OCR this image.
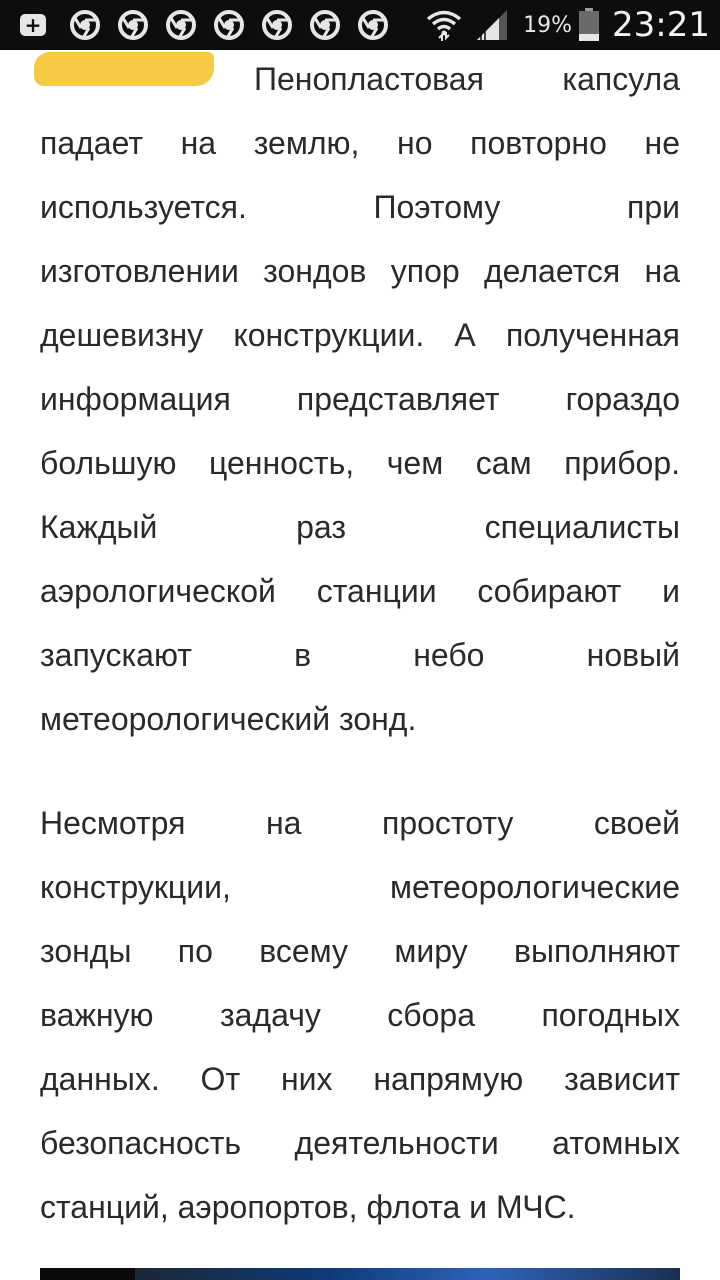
+	19% 23:21

Пенопластовая капсула
падает на землю, но повторно не
используется. Поэтому при
изготовлении зондов упор делается на
дешевизну конструкции. А полученная
информация представляет гораздо
большую ценность, чем сам прибор.
Каждый раз специалисты
аэрологической станции собирают и
запускают в небо новый
метеорологический зонд.

Несмотря на простоту своей
конструкции, метеорологические
зонды по всему миру выполняют
важную задачу сбора погодных
данных. От них напрямую зависит
безопасность деятельности атомных
станций, аэропортов, флота и МЧС.
